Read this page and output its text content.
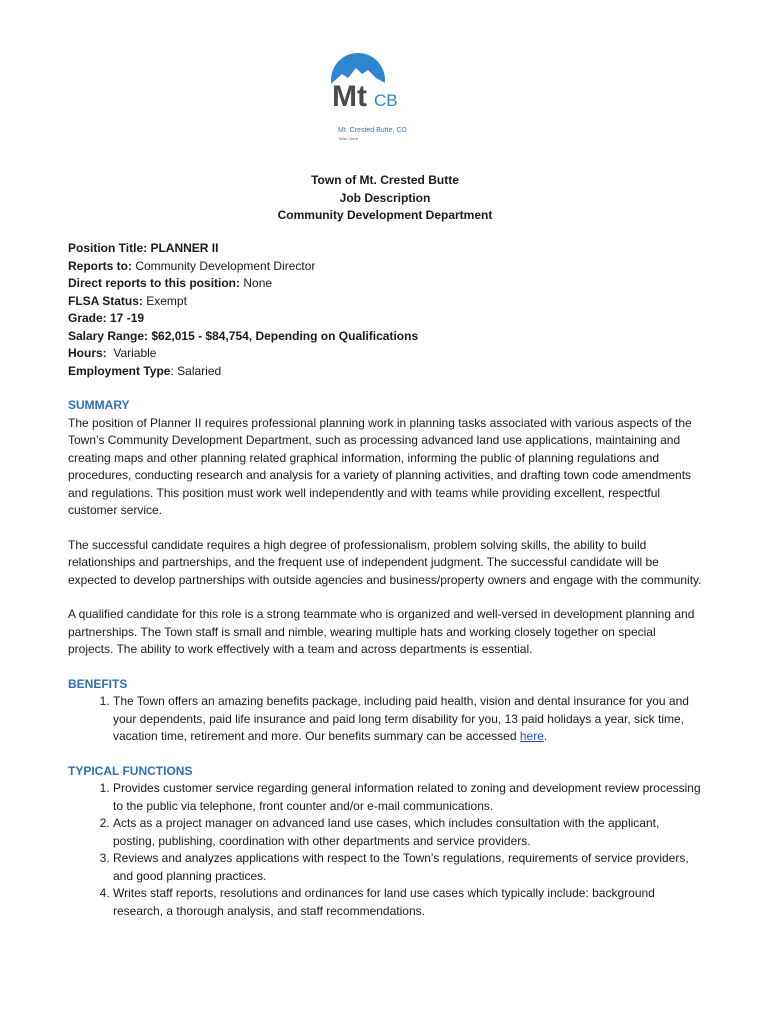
Mt CB
Mt. Crested Butte, CO
Town Clerk
Town of Mt. Crested Butte
Job Description
Community Development Department
Position Title: PLANNER II
Reports to: Community Development Director
Direct reports to this position: None
FLSA Status: Exempt
Grade: 17 -19
Salary Range: $62,015 - $84,754, Depending on Qualifications
Hours:  Variable
Employment Type: Salaried
SUMMARY

The position of Planner II requires professional planning work in planning tasks associated with various aspects of the Town’s Community Development Department, such as processing advanced land use applications, maintaining and creating maps and other planning related graphical information, informing the public of planning regulations and procedures, conducting research and analysis for a variety of planning activities, and drafting town code amendments and regulations. This position must work well independently and with teams while providing excellent, respectful customer service.

The successful candidate requires a high degree of professionalism, problem solving skills, the ability to build relationships and partnerships, and the frequent use of independent judgment. The successful candidate will be expected to develop partnerships with outside agencies and business/property owners and engage with the community.

A qualified candidate for this role is a strong teammate who is organized and well-versed in development planning and partnerships. The Town staff is small and nimble, wearing multiple hats and working closely together on special projects. The ability to work effectively with a team and across departments is essential.

BENEFITS
1. The Town offers an amazing benefits package, including paid health, vision and dental insurance for you and your dependents, paid life insurance and paid long term disability for you, 13 paid holidays a year, sick time, vacation time, retirement and more. Our benefits summary can be accessed here.
TYPICAL FUNCTIONS
1. Provides customer service regarding general information related to zoning and development review processing to the public via telephone, front counter and/or e-mail communications.
2. Acts as a project manager on advanced land use cases, which includes consultation with the applicant, posting, publishing, coordination with other departments and service providers.
3. Reviews and analyzes applications with respect to the Town's regulations, requirements of service providers, and good planning practices.
4. Writes staff reports, resolutions and ordinances for land use cases which typically include: background research, a thorough analysis, and staff recommendations.
